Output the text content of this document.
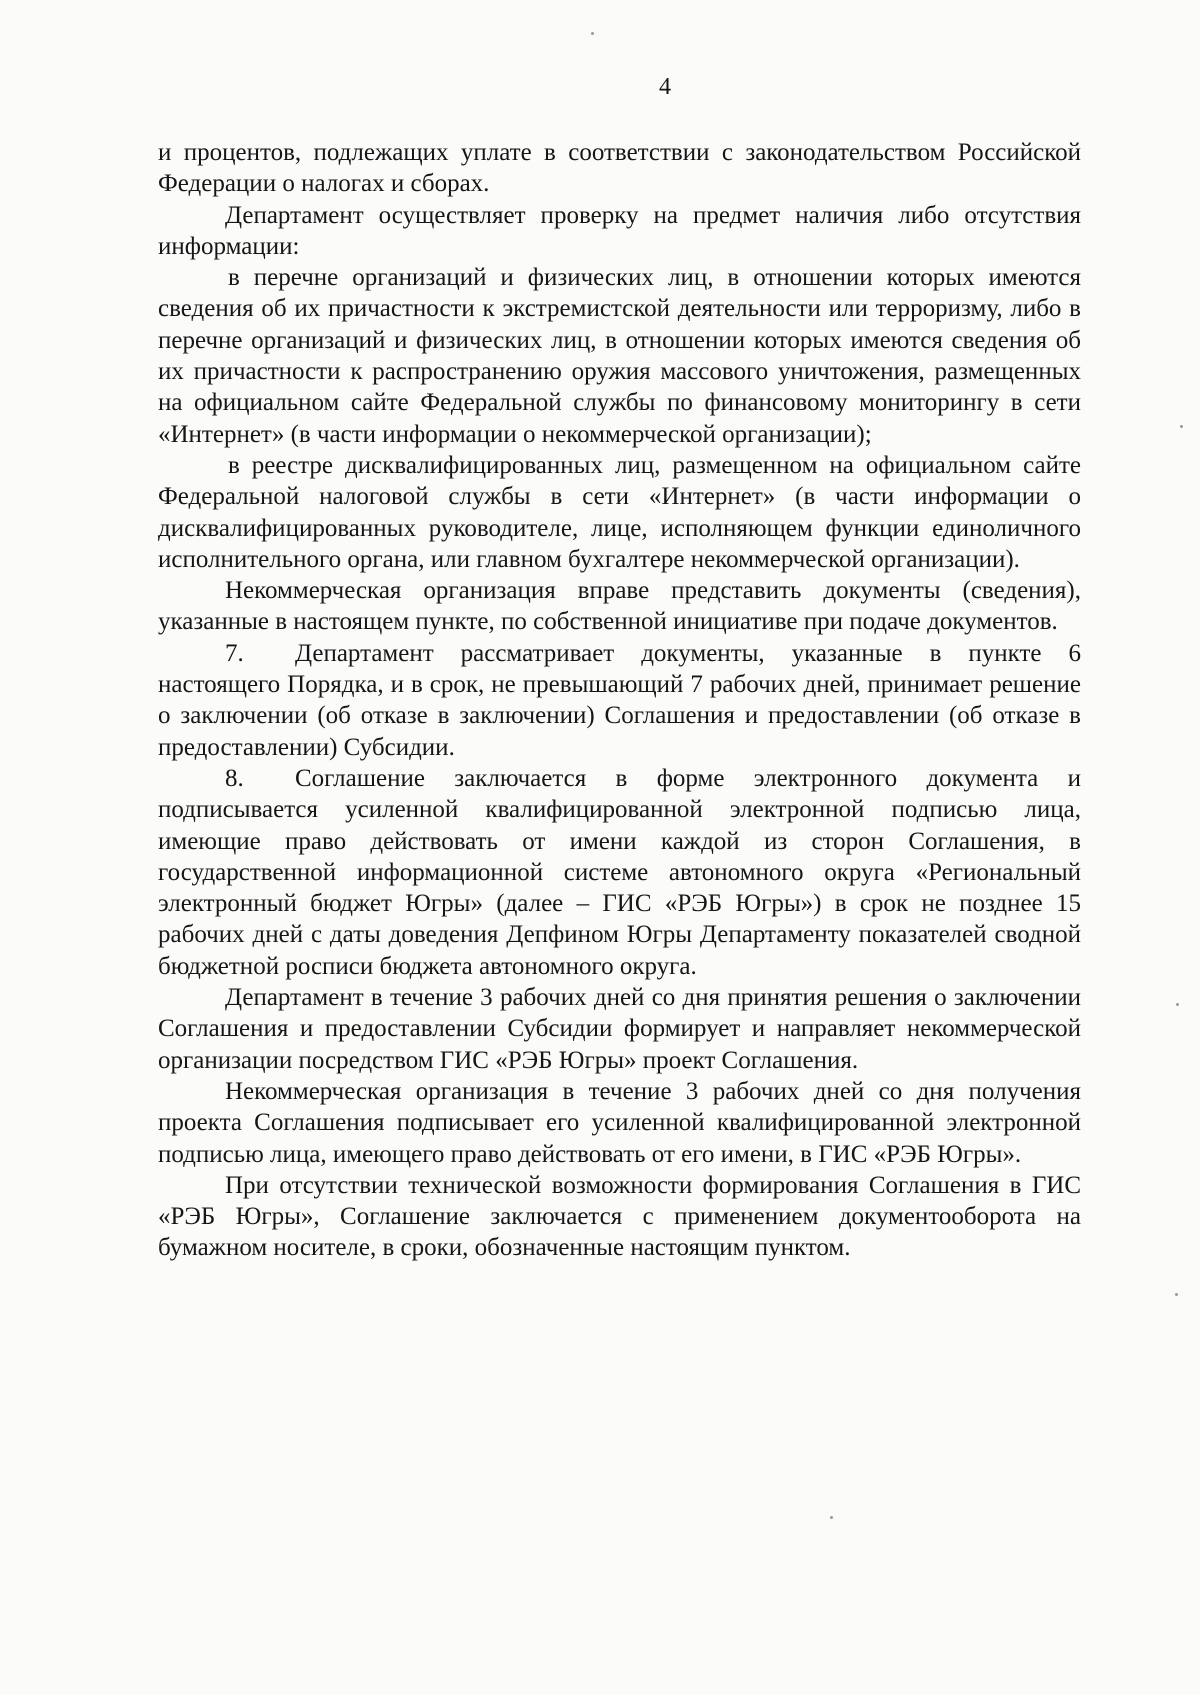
4

и процентов, подлежащих уплате в соответствии с законодательством Российской Федерации о налогах и сборах.

Департамент осуществляет проверку на предмет наличия либо отсутствия информации:

в перечне организаций и физических лиц, в отношении которых имеются сведения об их причастности к экстремистской деятельности или терроризму, либо в перечне организаций и физических лиц, в отношении которых имеются сведения об их причастности к распространению оружия массового уничтожения, размещенных на официальном сайте Федеральной службы по финансовому мониторингу в сети «Интернет» (в части информации о некоммерческой организации);

в реестре дисквалифицированных лиц, размещенном на официальном сайте Федеральной налоговой службы в сети «Интернет» (в части информации о дисквалифицированных руководителе, лице, исполняющем функции единоличного исполнительного органа, или главном бухгалтере некоммерческой организации).

Некоммерческая организация вправе представить документы (сведения), указанные в настоящем пункте, по собственной инициативе при подаче документов.

7. Департамент рассматривает документы, указанные в пункте 6 настоящего Порядка, и в срок, не превышающий 7 рабочих дней, принимает решение о заключении (об отказе в заключении) Соглашения и предоставлении (об отказе в предоставлении) Субсидии.

8. Соглашение заключается в форме электронного документа и подписывается усиленной квалифицированной электронной подписью лица, имеющие право действовать от имени каждой из сторон Соглашения, в государственной информационной системе автономного округа «Региональный электронный бюджет Югры» (далее – ГИС «РЭБ Югры») в срок не позднее 15 рабочих дней с даты доведения Депфином Югры Департаменту показателей сводной бюджетной росписи бюджета автономного округа.

Департамент в течение 3 рабочих дней со дня принятия решения о заключении Соглашения и предоставлении Субсидии формирует и направляет некоммерческой организации посредством ГИС «РЭБ Югры» проект Соглашения.

Некоммерческая организация в течение 3 рабочих дней со дня получения проекта Соглашения подписывает его усиленной квалифицированной электронной подписью лица, имеющего право действовать от его имени, в ГИС «РЭБ Югры».

При отсутствии технической возможности формирования Соглашения в ГИС «РЭБ Югры», Соглашение заключается с применением документооборота на бумажном носителе, в сроки, обозначенные настоящим пунктом.
